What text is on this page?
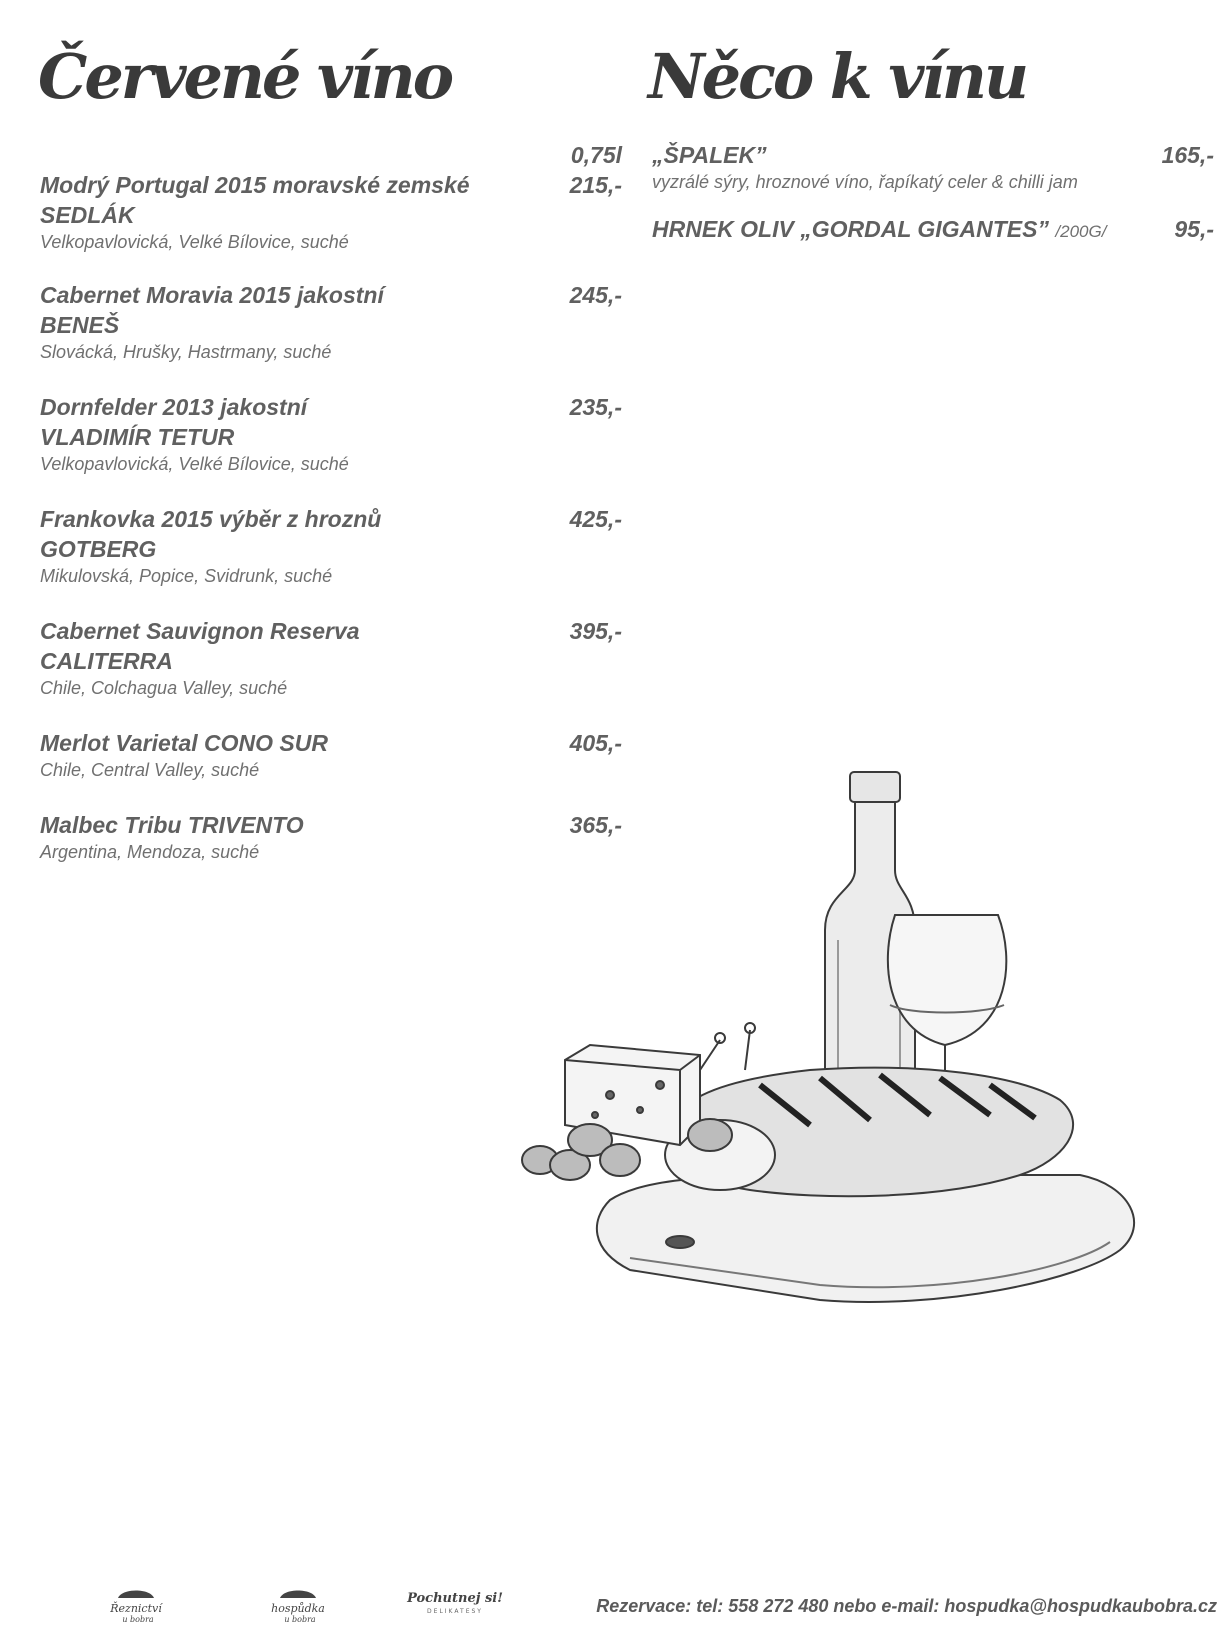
Červené víno	Něco k vínu
0,75l
Modrý Portugal 2015 moravské zemské	215,-
SEDLÁK
Velkopavlovická, Velké Bílovice, suché
Cabernet Moravia 2015 jakostní	245,-
BENEŠ
Slovácká, Hrušky, Hastrmany, suché
Dornfelder 2013 jakostní	235,-
VLADIMÍR TETUR
Velkopavlovická, Velké Bílovice, suché
Frankovka 2015 výběr z hroznů	425,-
GOTBERG
Mikulovská, Popice, Svidrunk, suché
Cabernet Sauvignon Reserva	395,-
CALITERRA
Chile, Colchagua Valley, suché
Merlot Varietal CONO SUR	405,-
Chile, Central Valley, suché
Malbec Tribu TRIVENTO	365,-
Argentina, Mendoza, suché
„ŠPALEK”	165,-
vyzrálé sýry, hroznové víno, řapíkatý celer & chilli jam
HRNEK OLIV „GORDAL GIGANTES” /200G/	95,-
Řeznictví
u bobra
hospůdka
u bobra
Pochutnej si!
DELIKATESY	Rezervace: tel: 558 272 480 nebo e-mail: hospudka@hospudkaubobra.cz
